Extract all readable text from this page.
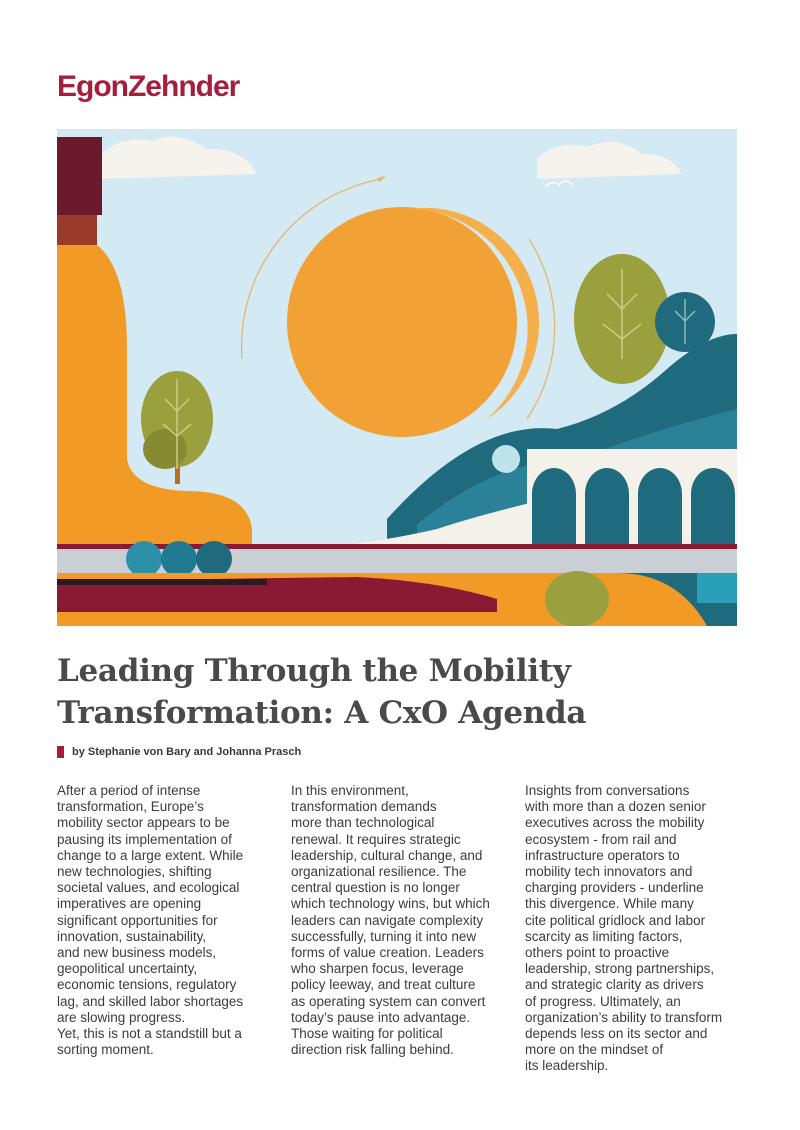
EgonZehnder
Leading Through the Mobility
Transformation: A CxO Agenda
by Stephanie von Bary and Johanna Prasch

After a period of intense
transformation, Europe’s
mobility sector appears to be
pausing its implementation of
change to a large extent. While
new technologies, shifting
societal values, and ecological
imperatives are opening
significant opportunities for
innovation, sustainability,
and new business models,
geopolitical uncertainty,
economic tensions, regulatory
lag, and skilled labor shortages
are slowing progress.
Yet, this is not a standstill but a
sorting moment.

In this environment,
transformation demands
more than technological
renewal. It requires strategic
leadership, cultural change, and
organizational resilience. The
central question is no longer
which technology wins, but which
leaders can navigate complexity
successfully, turning it into new
forms of value creation. Leaders
who sharpen focus, leverage
policy leeway, and treat culture
as operating system can convert
today’s pause into advantage.
Those waiting for political
direction risk falling behind.

Insights from conversations
with more than a dozen senior
executives across the mobility
ecosystem - from rail and
infrastructure operators to
mobility tech innovators and
charging providers - underline
this divergence. While many
cite political gridlock and labor
scarcity as limiting factors,
others point to proactive
leadership, strong partnerships,
and strategic clarity as drivers
of progress. Ultimately, an
organization’s ability to transform
depends less on its sector and
more on the mindset of
its leadership.
